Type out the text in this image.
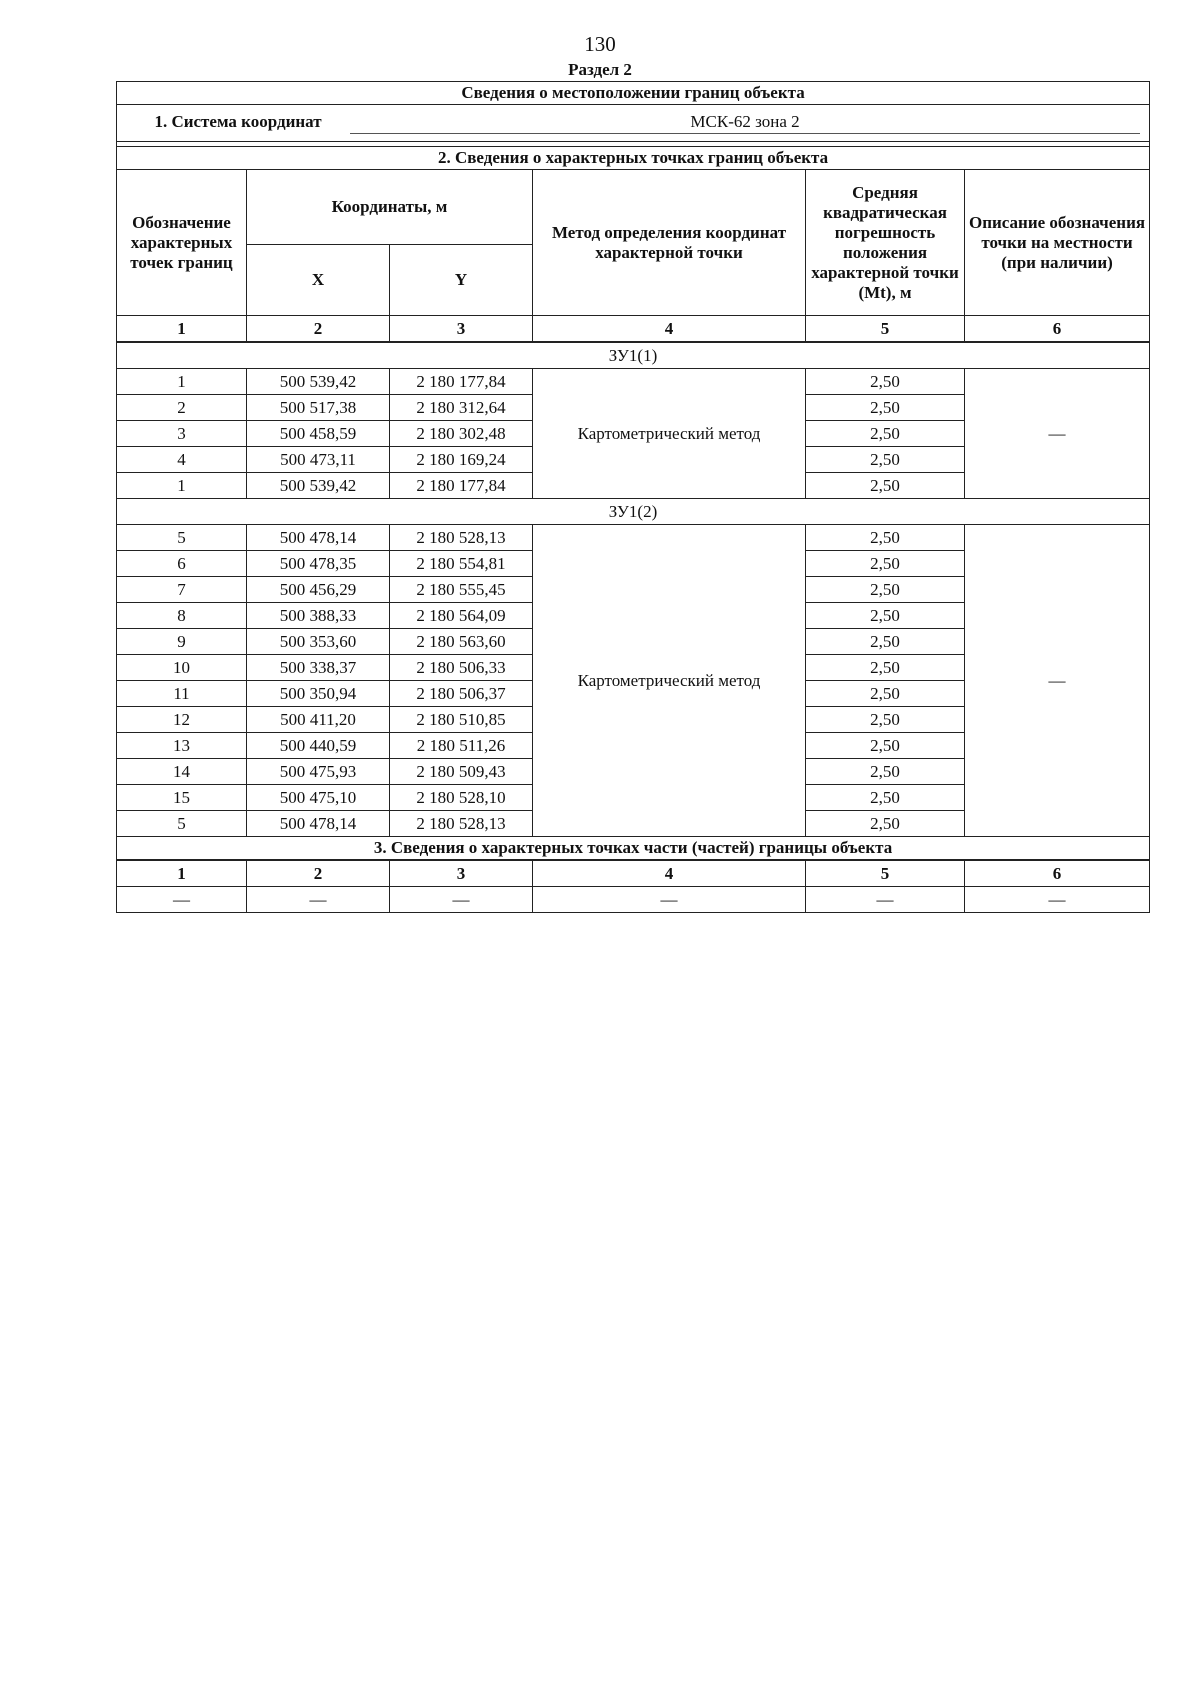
130
Раздел 2
Сведения о местоположении границ объекта					
1. Система координат МСК-62 зона 2					

2. Сведения о характерных точках границ объекта					
Обозначение характерных точек границ	Координаты, м		Метод определения координат характерной точки	Средняя квадратическая погрешность положения характерной точки (Mt), м	Описание обозначения точки на местности (при наличии)
	X	Y			
1	2	3	4	5	6
ЗУ1(1)					
1	500 539,42	2 180 177,84	Картометрический метод	2,50	—
2	500 517,38	2 180 312,64		2,50	
3	500 458,59	2 180 302,48		2,50	
4	500 473,11	2 180 169,24		2,50	
1	500 539,42	2 180 177,84		2,50	
ЗУ1(2)					
5	500 478,14	2 180 528,13	Картометрический метод	2,50	—
6	500 478,35	2 180 554,81		2,50	
7	500 456,29	2 180 555,45		2,50	
8	500 388,33	2 180 564,09		2,50	
9	500 353,60	2 180 563,60		2,50	
10	500 338,37	2 180 506,33		2,50	
11	500 350,94	2 180 506,37		2,50	
12	500 411,20	2 180 510,85		2,50	
13	500 440,59	2 180 511,26		2,50	
14	500 475,93	2 180 509,43		2,50	
15	500 475,10	2 180 528,10		2,50	
5	500 478,14	2 180 528,13		2,50	
3. Сведения о характерных точках части (частей) границы объекта					
1	2	3	4	5	6
—	—	—	—	—	—
